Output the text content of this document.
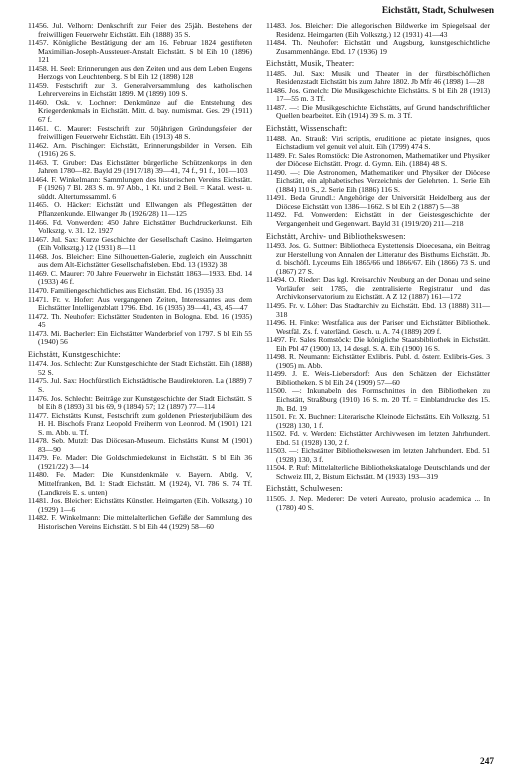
Eichstätt, Stadt, Schulwesen

11456. Jul. Velhorn: Denkschrift zur Feier des 25jäh. Bestehens der freiwilligen Feuerwehr Eichstätt. Eih (1888) 35 S.

11457. Königliche Bestätigung der am 16. Februar 1824 gestifteten Maximilian-Joseph-Aussteuer-Anstalt Eichstätt. S bl Eih 10 (1896) 121

11458. H. Seel: Erinnerungen aus den Zeiten und aus dem Leben Eugens Herzogs von Leuchtenberg. S bl Eih 12 (1898) 128

11459. Festschrift zur 3. Generalversammlung des katholischen Lehrervereins in Eichstätt 1899. M (1899) 109 S.

11460. Osk. v. Lochner: Denkmünze auf die Entstehung des Kriegerdenkmals in Eichstätt. Mitt. d. bay. numismat. Ges. 29 (1911) 67 f.

11461. C. Maurer: Festschrift zur 50jährigen Gründungsfeier der freiwilligen Feuerwehr Eichstätt. Eih (1913) 48 S.

11462. Arn. Pischinger: Eichstätt, Erinnerungsbilder in Versen. Eih (1916) 26 S.

11463. T. Gruber: Das Eichstätter bürgerliche Schützenkorps in den Jahren 1780—82. Bayld 29 (1917/18) 39—41, 74 f., 91 f., 101—103

11464. F. Winkelmann: Sammlungen des historischen Vereins Eichstätt. F (1926) 7 Bl. 283 S. m. 97 Abb., 1 Kt. und 2 Beil. = Katal. west- u. süddt. Altertumssamml. 6

11465. O. Häcker: Eichstätt und Ellwangen als Pflegestätten der Pflanzenkunde. Ellwanger Jb (1926/28) 11—125

11466. Fd. Vonwerden: 450 Jahre Eichstätter Buchdruckerkunst. Eih Volksztg. v. 31. 12. 1927

11467. Jul. Sax: Kurze Geschichte der Gesellschaft Casino. Heimgarten (Eih Volksztg.) 12 (1931) 8—11

11468. Jos. Bleicher: Eine Silhouetten-Galerie, zugleich ein Ausschnitt aus dem Alt-Eichstätter Gesellschaftsleben. Ebd. 13 (1932) 38

11469. C. Maurer: 70 Jahre Feuerwehr in Eichstätt 1863—1933. Ebd. 14 (1933) 46 f.

11470. Familiengeschichtliches aus Eichstätt. Ebd. 16 (1935) 33

11471. Fr. v. Hofer: Aus vergangenen Zeiten, Interessantes aus dem Eichstätter Intelligenzblatt 1796. Ebd. 16 (1935) 39—41, 43, 45—47

11472. Th. Neuhofer: Eichstätter Studenten in Bologna. Ebd. 16 (1935) 45

11473. Mi. Bacherler: Ein Eichstätter Wanderbrief von 1797. S bl Eih 55 (1940) 56

Eichstätt, Kunstgeschichte:

11474. Jos. Schlecht: Zur Kunstgeschichte der Stadt Eichstätt. Eih (1888) 52 S.

11475. Jul. Sax: Hochfürstlich Eichstädtische Baudirektoren. La (1889) 7 S.

11476. Jos. Schlecht: Beiträge zur Kunstgeschichte der Stadt Eichstätt. S bl Eih 8 (1893) 31 bis 69, 9 (1894) 57; 12 (1897) 77—114

11477. Eichstätts Kunst, Festschrift zum goldenen Priesterjubiläum des H. H. Bischofs Franz Leopold Freiherrn von Leonrod. M (1901) 121 S. m. Abb. u. Tf.

11478. Seb. Mutzl: Das Diöcesan-Museum. Eichstätts Kunst M (1901) 83—90

11479. Fe. Mader: Die Goldschmiedekunst in Eichstätt. S bl Eih 36 (1921/22) 3—14

11480. Fe. Mader: Die Kunstdenkmäle v. Bayern. Abtlg. V, Mittelfranken, Bd. 1: Stadt Eichstätt. M (1924), VI. 786 S. 74 Tf. (Landkreis E. s. unten)

11481. Jos. Bleicher: Eichstätts Künstler. Heimgarten (Eih. Volksztg.) 10 (1929) 1—6

11482. F. Winkelmann: Die mittelalterlichen Gefäße der Sammlung des Historischen Vereins Eichstätt. S bl Eih 44 (1929) 58—60

11483. Jos. Bleicher: Die allegorischen Bildwerke im Spiegelsaal der Residenz. Heimgarten (Eih Volksztg.) 12 (1931) 41—43

11484. Th. Neuhofer: Eichstätt und Augsburg, kunstgeschichtliche Zusammenhänge. Ebd. 17 (1936) 19

Eichstätt, Musik, Theater:

11485. Jul. Sax: Musik und Theater in der fürstbischöflichen Residenzstadt Eichstätt bis zum Jahre 1802. Jb Mfr 46 (1898) 1—28

11486. Jos. Gmelch: Die Musikgeschichte Eichstätts. S bl Eih 28 (1913) 17—55 m. 3 Tf.

11487. —: Die Musikgeschichte Eichstätts, auf Grund handschriftlicher Quellen bearbeitet. Eih (1914) 39 S. m. 3 Tf.

Eichstätt, Wissenschaft:

11488. An. Strauß: Viri scriptis, eruditione ac pietate insignes, quos Eichstadium vel genuit vel aluit. Eih (1799) 474 S.

11489. Fr. Sales Romstöck: Die Astronomen, Mathematiker und Physiker der Diöcese Eichstätt. Progr. d. Gymn. Eih. (1884) 48 S.

11490. —: Die Astronomen, Mathematiker und Physiker der Diöcese Eichstätt, ein alphabetisches Verzeichnis der Gelehrten. 1. Serie Eih (1884) 110 S., 2. Serie Eih (1886) 116 S.

11491. Beda Grundl.: Angehörige der Universität Heidelberg aus der Diöcese Eichstätt von 1386—1662. S bl Eih 2 (1887) 5—38

11492. Fd. Vonwerden: Eichstätt in der Geistesgeschichte der Vergangenheit und Gegenwart. Bayld 31 (1919/20) 211—218

Eichstätt, Archiv- und Bibliothekswesen:

11493. Jos. G. Suttner: Bibliotheca Eystettensis Dioecesana, ein Beitrag zur Herstellung von Annalen der Litteratur des Bisthums Eichstätt. Jb. d. bischöfl. Lyceums Eih 1865/66 und 1866/67. Eih (1866) 73 S. und (1867) 27 S.

11494. O. Rieder: Das kgl. Kreisarchiv Neuburg an der Donau und seine Vorläufer seit 1785, die zentralisierte Registratur und das Archivkonservatorium zu Eichstätt. A Z 12 (1887) 161—172

11495. Fr. v. Löher: Das Stadtarchiv zu Eichstätt. Ebd. 13 (1888) 311—318

11496. H. Finke: Westfalica aus der Pariser und Eichstätter Bibliothek. Westfäl. Zs. f. vaterländ. Gesch. u. A. 74 (1889) 209 f.

11497. Fr. Sales Romstöck: Die königliche Staatsbibliothek in Eichstätt. Eih Pbl 47 (1900) 13, 14 desgl. S. A. Eih (1900) 16 S.

11498. R. Neumann: Eichstätter Exlibris. Publ. d. österr. Exlibris-Ges. 3 (1905) m. Abb.

11499. J. E. Weis-Liebersdorf: Aus den Schätzen der Eichstätter Bibliotheken. S bl Eih 24 (1909) 57—60

11500. —: Inkunabeln des Formschnittes in den Bibliotheken zu Eichstätt, Straßburg (1910) 16 S. m. 20 Tf. = Einblattdrucke des 15. Jh. Bd. 19

11501. Fr. X. Buchner: Literarische Kleinode Eichstätts. Eih Volksztg. 51 (1928) 130, 1 f.

11502. Fd. v. Werden: Eichstätter Archivwesen im letzten Jahrhundert. Ebd. 51 (1928) 130, 2 f.

11503. —: Eichstätter Bibliothekswesen im letzten Jahrhundert. Ebd. 51 (1928) 130, 3 f.

11504. P. Ruf: Mittelalterliche Bibliothekskataloge Deutschlands und der Schweiz III, 2, Bistum Eichstätt. M (1933) 193—319

Eichstätt, Schulwesen:

11505. J. Nep. Mederer: De veteri Aureato, prolusio academica ... In (1780) 40 S.

247
